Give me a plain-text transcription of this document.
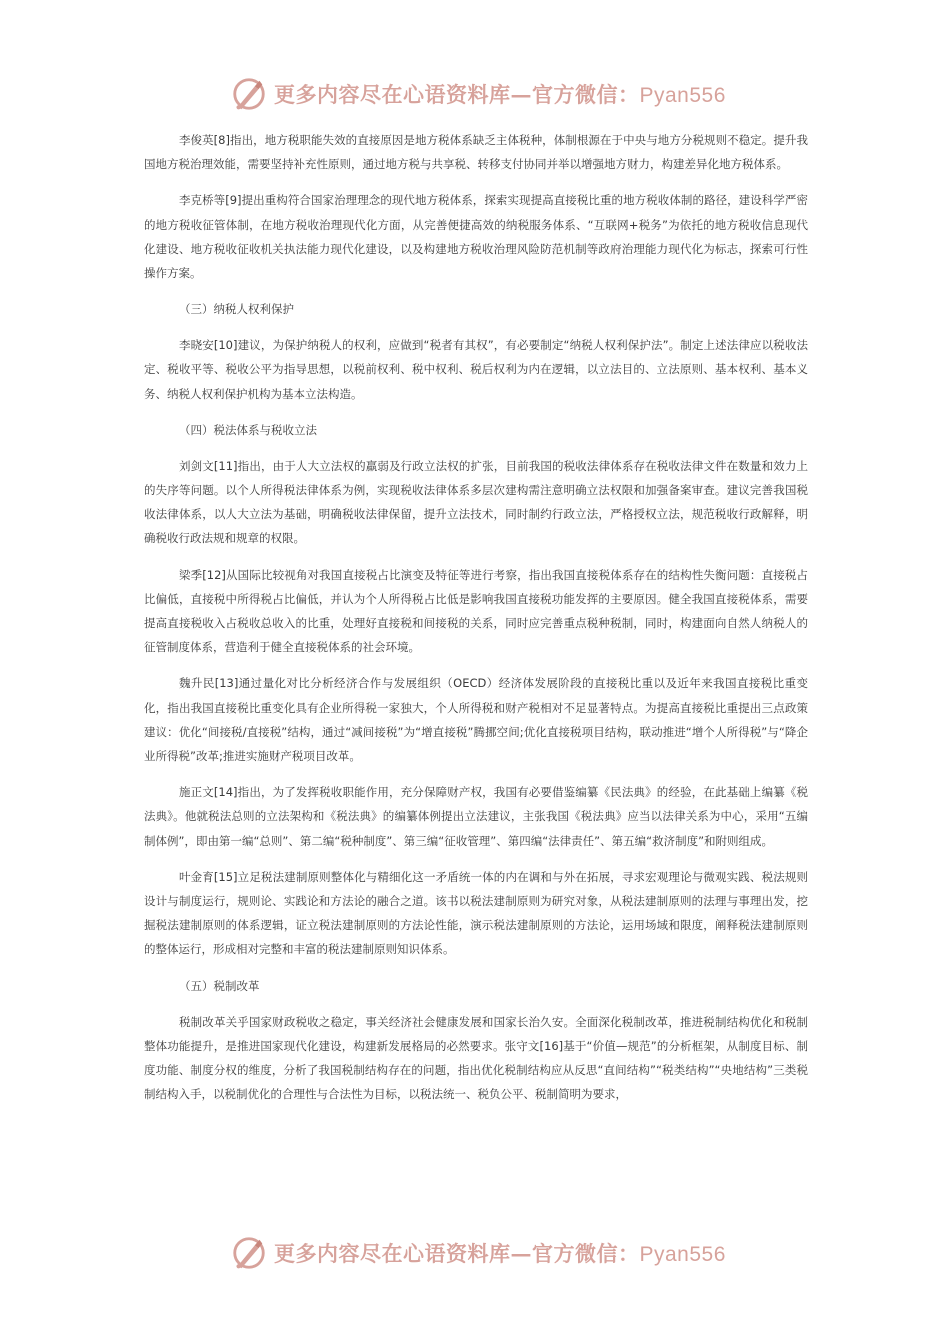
更多内容尽在心语资料库—官方微信：Pyan556

李俊英[8]指出，地方税职能失效的直接原因是地方税体系缺乏主体税种，体制根源在于中央与地方分税规则不稳定。提升我国地方税治理效能，需要坚持补充性原则，通过地方税与共享税、转移支付协同并举以增强地方财力，构建差异化地方税体系。

李克桥等[9]提出重构符合国家治理理念的现代地方税体系，探索实现提高直接税比重的地方税收体制的路径，建设科学严密的地方税收征管体制，在地方税收治理现代化方面，从完善便捷高效的纳税服务体系、“互联网+税务”为依托的地方税收信息现代化建设、地方税收征收机关执法能力现代化建设，以及构建地方税收治理风险防范机制等政府治理能力现代化为标志，探索可行性操作方案。

（三）纳税人权利保护

李晓安[10]建议，为保护纳税人的权利，应做到“税者有其权”，有必要制定“纳税人权利保护法”。制定上述法律应以税收法定、税收平等、税收公平为指导思想，以税前权利、税中权利、税后权利为内在逻辑，以立法目的、立法原则、基本权利、基本义务、纳税人权利保护机构为基本立法构造。

（四）税法体系与税收立法

刘剑文[11]指出，由于人大立法权的羸弱及行政立法权的扩张，目前我国的税收法律体系存在税收法律文件在数量和效力上的失序等问题。以个人所得税法律体系为例，实现税收法律体系多层次建构需注意明确立法权限和加强备案审查。建议完善我国税收法律体系，以人大立法为基础，明确税收法律保留，提升立法技术，同时制约行政立法，严格授权立法，规范税收行政解释，明确税收行政法规和规章的权限。

梁季[12]从国际比较视角对我国直接税占比演变及特征等进行考察，指出我国直接税体系存在的结构性失衡问题：直接税占比偏低，直接税中所得税占比偏低，并认为个人所得税占比低是影响我国直接税功能发挥的主要原因。健全我国直接税体系，需要提高直接税收入占税收总收入的比重，处理好直接税和间接税的关系，同时应完善重点税种税制，同时，构建面向自然人纳税人的征管制度体系，营造利于健全直接税体系的社会环境。

魏升民[13]通过量化对比分析经济合作与发展组织（OECD）经济体发展阶段的直接税比重以及近年来我国直接税比重变化，指出我国直接税比重变化具有企业所得税一家独大，个人所得税和财产税相对不足显著特点。为提高直接税比重提出三点政策建议：优化“间接税/直接税”结构，通过“减间接税”为“增直接税”腾挪空间;优化直接税项目结构，联动推进“增个人所得税”与“降企业所得税”改革;推进实施财产税项目改革。

施正文[14]指出，为了发挥税收职能作用，充分保障财产权，我国有必要借鉴编纂《民法典》的经验，在此基础上编纂《税法典》。他就税法总则的立法架构和《税法典》的编纂体例提出立法建议，主张我国《税法典》应当以法律关系为中心，采用“五编制体例”，即由第一编“总则”、第二编“税种制度”、第三编“征收管理”、第四编“法律责任”、第五编“救济制度”和附则组成。

叶金育[15]立足税法建制原则整体化与精细化这一矛盾统一体的内在调和与外在拓展，寻求宏观理论与微观实践、税法规则设计与制度运行，规则论、实践论和方法论的融合之道。该书以税法建制原则为研究对象，从税法建制原则的法理与事理出发，挖掘税法建制原则的体系逻辑，证立税法建制原则的方法论性能，演示税法建制原则的方法论，运用场域和限度，阐释税法建制原则的整体运行，形成相对完整和丰富的税法建制原则知识体系。

（五）税制改革

税制改革关乎国家财政税收之稳定，事关经济社会健康发展和国家长治久安。全面深化税制改革，推进税制结构优化和税制整体功能提升，是推进国家现代化建设，构建新发展格局的必然要求。张守文[16]基于“价值—规范”的分析框架，从制度目标、制度功能、制度分权的维度，分析了我国税制结构存在的问题，指出优化税制结构应从反思“直间结构”“税类结构”“央地结构”三类税制结构入手，以税制优化的合理性与合法性为目标，以税法统一、税负公平、税制简明为要求，

更多内容尽在心语资料库—官方微信：Pyan556
